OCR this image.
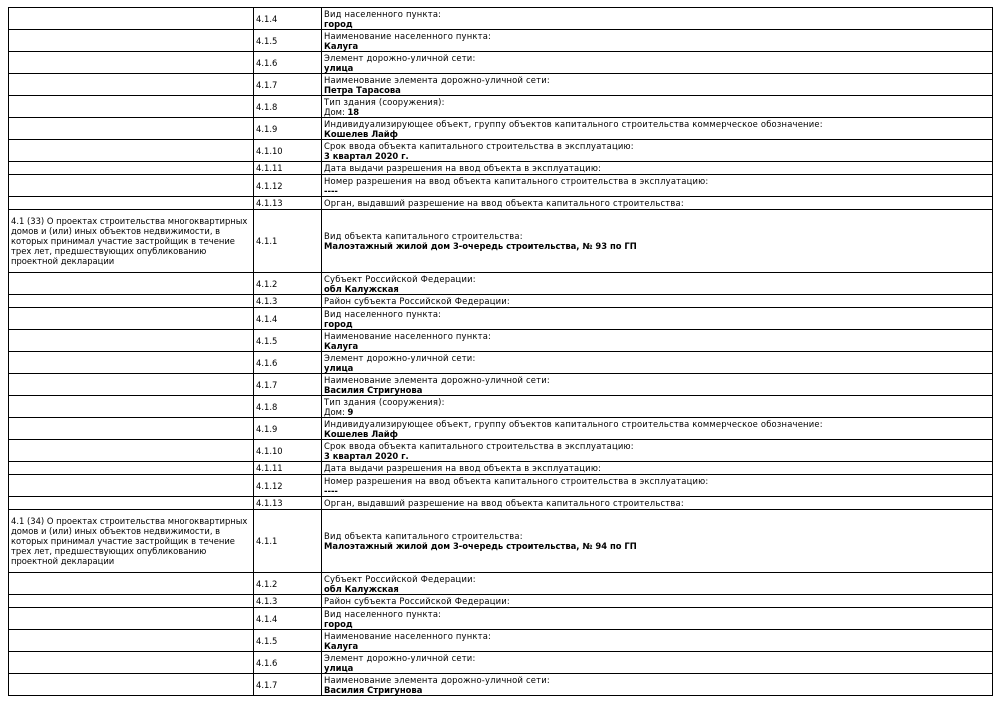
	4.1.4	Вид населенного пункта:
город

	4.1.5	Наименование населенного пункта:
Калуга

	4.1.6	Элемент дорожно-уличной сети:
улица

	4.1.7	Наименование элемента дорожно-уличной сети:
Петра Тарасова

	4.1.8	Тип здания (сооружения):
Дом: 18

	4.1.9	Индивидуализирующее объект, группу объектов капитального строительства коммерческое обозначение:
Кошелев Лайф

	4.1.10	Срок ввода объекта капитального строительства в эксплуатацию:
3 квартал 2020 г.

	4.1.11	Дата выдачи разрешения на ввод объекта в эксплуатацию:

	4.1.12	Номер разрешения на ввод объекта капитального строительства в эксплуатацию:
----

	4.1.13	Орган, выдавший разрешение на ввод объекта капитального строительства:

4.1 (33) О проектах строительства многоквартирных домов и (или) иных объектов недвижимости, в которых принимал участие застройщик в течение трех лет, предшествующих опубликованию проектной декларации	4.1.1	Вид объекта капитального строительства:
Малоэтажный жилой дом 3-очередь строительства, № 93 по ГП

	4.1.2	Субъект Российской Федерации:
обл Калужская

	4.1.3	Район субъекта Российской Федерации:

	4.1.4	Вид населенного пункта:
город

	4.1.5	Наименование населенного пункта:
Калуга

	4.1.6	Элемент дорожно-уличной сети:
улица

	4.1.7	Наименование элемента дорожно-уличной сети:
Василия Стригунова

	4.1.8	Тип здания (сооружения):
Дом: 9

	4.1.9	Индивидуализирующее объект, группу объектов капитального строительства коммерческое обозначение:
Кошелев Лайф

	4.1.10	Срок ввода объекта капитального строительства в эксплуатацию:
3 квартал 2020 г.

	4.1.11	Дата выдачи разрешения на ввод объекта в эксплуатацию:

	4.1.12	Номер разрешения на ввод объекта капитального строительства в эксплуатацию:
----

	4.1.13	Орган, выдавший разрешение на ввод объекта капитального строительства:

4.1 (34) О проектах строительства многоквартирных домов и (или) иных объектов недвижимости, в которых принимал участие застройщик в течение трех лет, предшествующих опубликованию проектной декларации	4.1.1	Вид объекта капитального строительства:
Малоэтажный жилой дом 3-очередь строительства, № 94 по ГП

	4.1.2	Субъект Российской Федерации:
обл Калужская

	4.1.3	Район субъекта Российской Федерации:

	4.1.4	Вид населенного пункта:
город

	4.1.5	Наименование населенного пункта:
Калуга

	4.1.6	Элемент дорожно-уличной сети:
улица

	4.1.7	Наименование элемента дорожно-уличной сети:
Василия Стригунова
